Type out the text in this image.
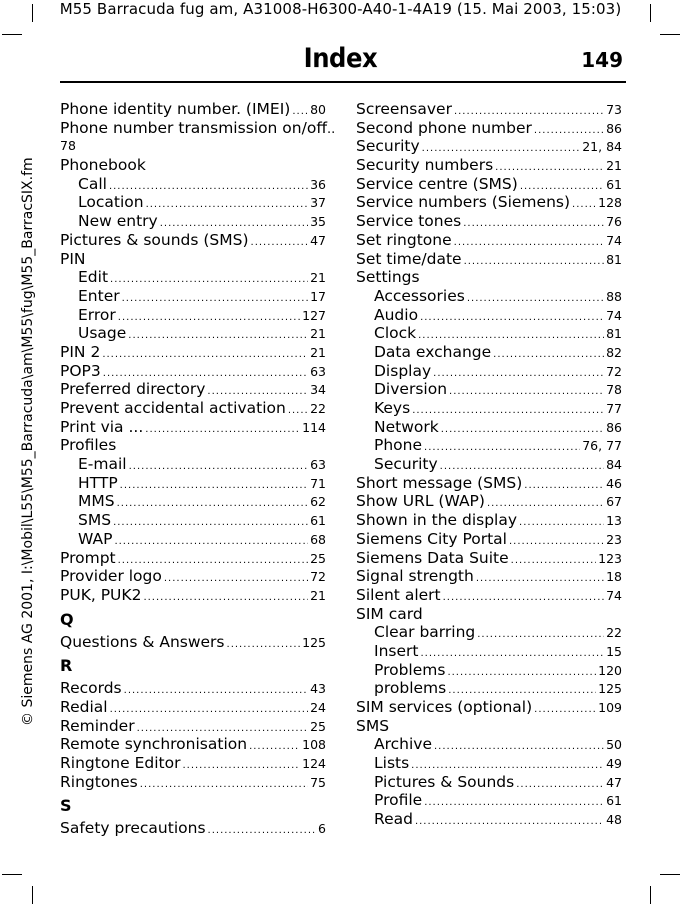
M55 Barracuda fug am, A31008-H6300-A40-1-4A19 (15. Mai 2003, 15:03)
Index	149
© Siemens AG 2001, I:\Mobil\L55\M55_Barracuda\am\M55\fug\M55_BarracSIX.fm
Phone identity number. (IMEI) ..... 80
Phone number transmission on/off ..
78
Phonebook
Call .....	36
Location .....	37
New entry .....	35
Pictures & sounds (SMS) .....	47
PIN
Edit .....	21
Enter .....	17
Error .....	127
Usage .....	21
PIN 2 .....	21
POP3 .....	63
Preferred directory .....	34
Prevent accidental activation ..... 22
Print via ... .....	114
Profiles
E-mail .....	63
HTTP .....	71
MMS .....	62
SMS .....	61
WAP .....	68
Prompt .....	25
Provider logo .....	72
PUK, PUK2 .....	21
Q
Questions & Answers .....	125
R
Records .....	43
Redial .....	24
Reminder .....	25
Remote synchronisation .....	108
Ringtone Editor .....	124
Ringtones .....	75
S
Safety precautions .....	6
Screensaver .....	73
Second phone number .....	86
Security .....	21, 84
Security numbers .....	21
Service centre (SMS) .....	61
Service numbers (Siemens) ..... 128
Service tones .....	76
Set ringtone .....	74
Set time/date .....	81
Settings
Accessories .....	88
Audio .....	74
Clock .....	81
Data exchange .....	82
Display .....	72
Diversion .....	78
Keys .....	77
Network .....	86
Phone .....	76, 77
Security .....	84
Short message (SMS) .....	46
Show URL (WAP) .....	67
Shown in the display .....	13
Siemens City Portal .....	23
Siemens Data Suite .....	123
Signal strength .....	18
Silent alert .....	74
SIM card
Clear barring .....	22
Insert .....	15
Problems .....	120
problems .....	125
SIM services (optional) .....	109
SMS
Archive .....	50
Lists .....	49
Pictures & Sounds .....	47
Profile .....	61
Read .....	48
